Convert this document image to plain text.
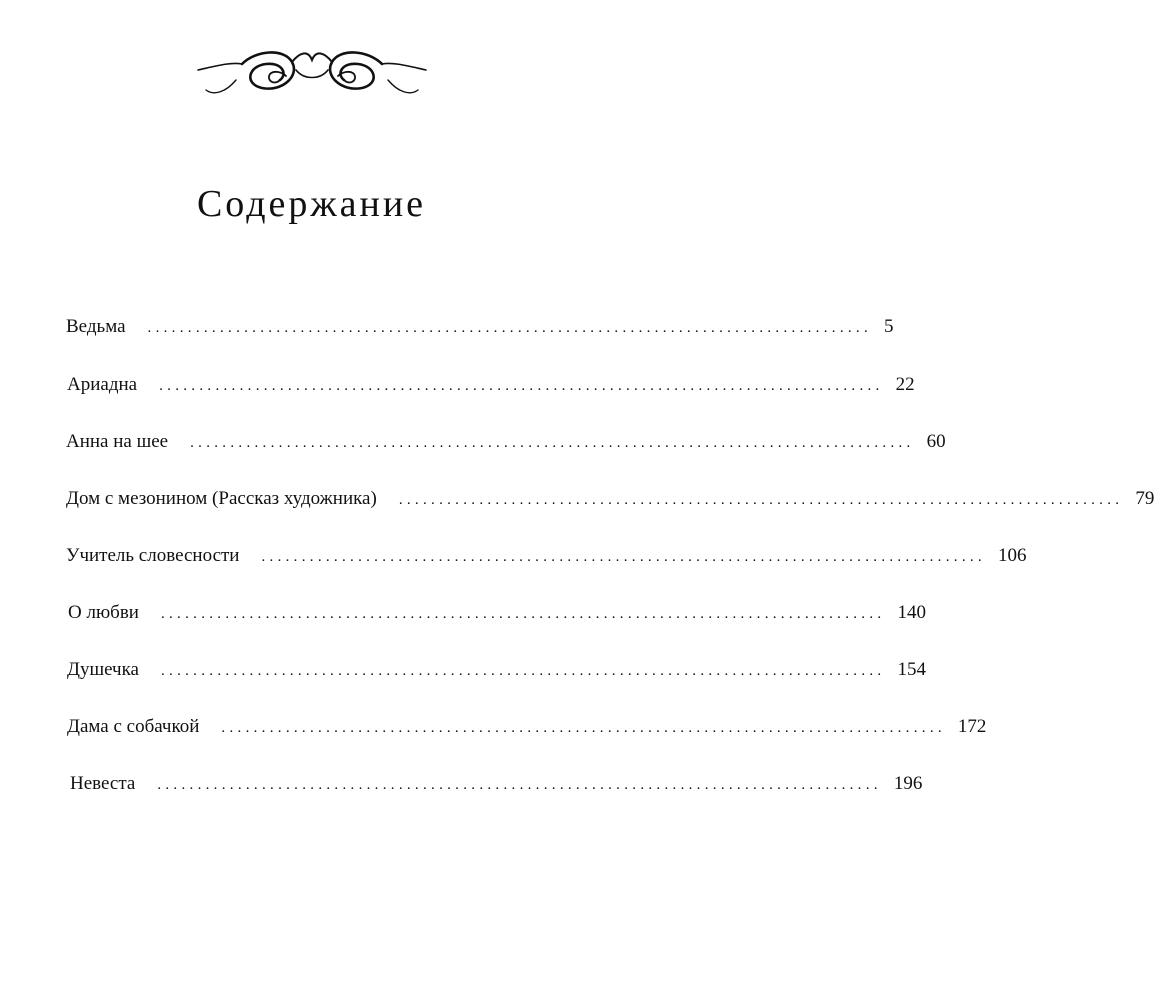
Содержание
Ведьма .......................................................................................... 5
Ариадна .......................................................................................... 22
Анна на шее .......................................................................................... 60
Дом с мезонином (Рассказ художника) .......................................................................................... 79
Учитель словесности .......................................................................................... 106
О любви .......................................................................................... 140
Душечка .......................................................................................... 154
Дама с собачкой .......................................................................................... 172
Невеста .......................................................................................... 196
